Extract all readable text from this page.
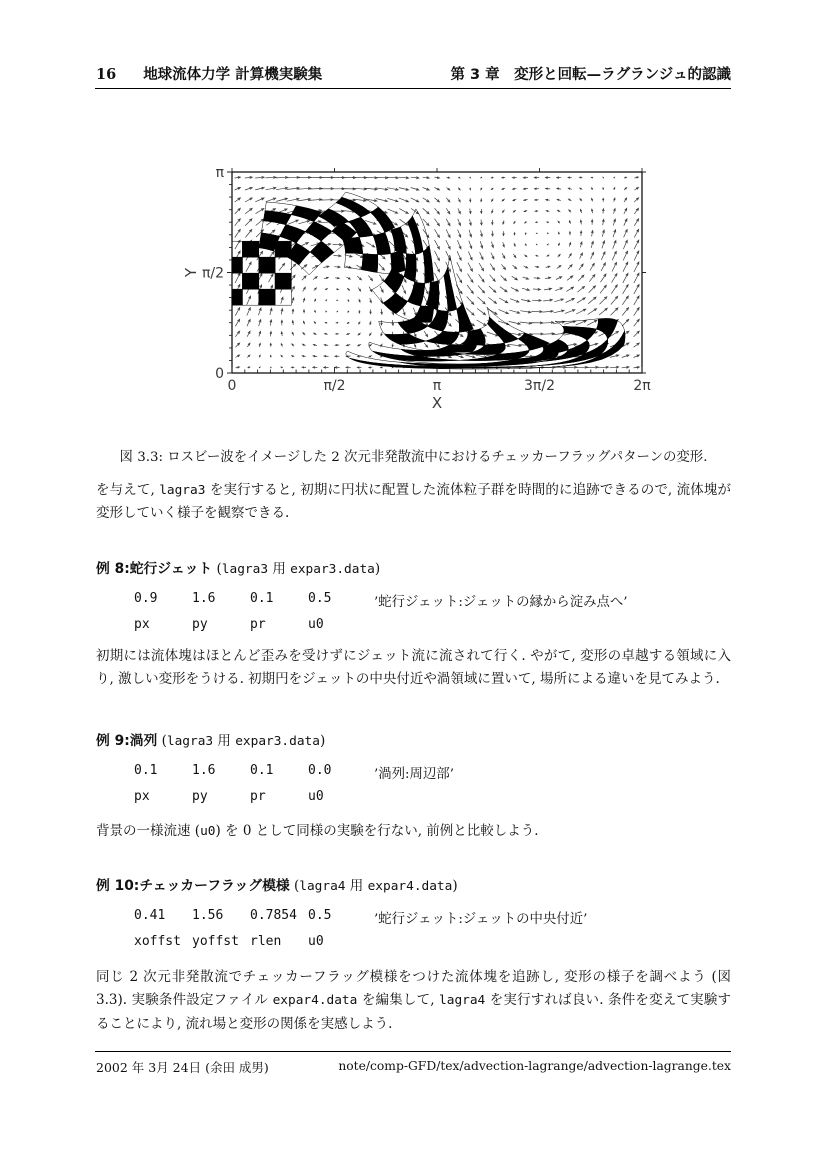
16 地球流体力学 計算機実験集	第 3 章　変形と回転—ラグランジュ的認識
0	π/2	π	3π/2	2π
0
π/2
π
X
Y
図 3.3: ロスビー波をイメージした 2 次元非発散流中におけるチェッカーフラッグパターンの変形.
を与えて, lagra3 を実行すると, 初期に円状に配置した流体粒子群を時間的に追跡できるので, 流体塊が変形していく様子を観察できる.
例 8:蛇行ジェット (lagra3 用 expar3.data)
0.9	1.6	0.1	0.5	’蛇行ジェット:ジェットの縁から淀み点へ’
px	py	pr	u0
初期には流体塊はほとんど歪みを受けずにジェット流に流されて行く. やがて, 変形の卓越する領域に入り, 激しい変形をうける. 初期円をジェットの中央付近や渦領域に置いて, 場所による違いを見てみよう.
例 9:渦列 (lagra3 用 expar3.data)
0.1	1.6	0.1	0.0	’渦列:周辺部’
px	py	pr	u0
背景の一様流速 (u0) を 0 として同様の実験を行ない, 前例と比較しよう.
例 10:チェッカーフラッグ模様 (lagra4 用 expar4.data)
0.41 1.56 0.7854 0.5	’蛇行ジェット:ジェットの中央付近’
xoffst yoffst rlen u0
同じ 2 次元非発散流でチェッカーフラッグ模様をつけた流体塊を追跡し, 変形の様子を調べよう (図 3.3). 実験条件設定ファイル expar4.data を編集して, lagra4 を実行すれば良い. 条件を変えて実験することにより, 流れ場と変形の関係を実感しよう.
2002 年 3月 24日 (余田 成男)	note/comp-GFD/tex/advection-lagrange/advection-lagrange.tex
